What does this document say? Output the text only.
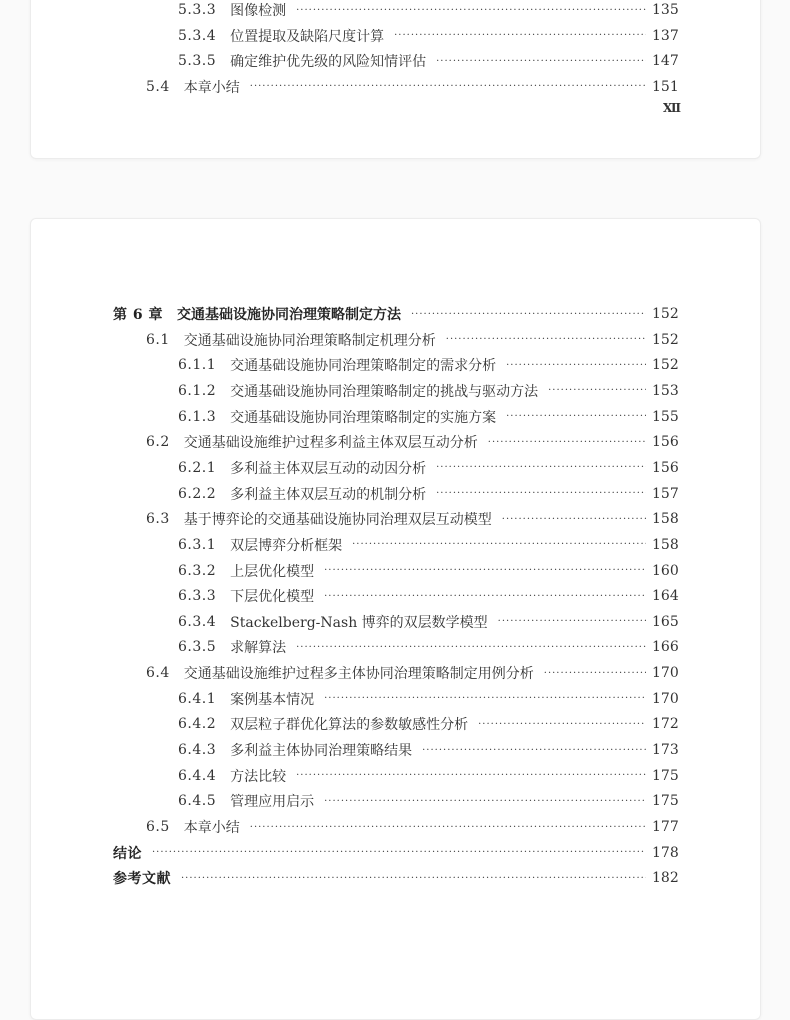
Ⅻ
5.3.3 图像检测 ·····	135
5.3.4 位置提取及缺陷尺度计算 ·····	137
5.3.5 确定维护优先级的风险知情评估 ·····	147
5.4 本章小结 ·····	151
第 6 章 交通基础设施协同治理策略制定方法 ·····	152
6.1 交通基础设施协同治理策略制定机理分析 ·····	152
6.1.1 交通基础设施协同治理策略制定的需求分析 ·····	152
6.1.2 交通基础设施协同治理策略制定的挑战与驱动方法 ·····	153
6.1.3 交通基础设施协同治理策略制定的实施方案 ·····	155
6.2 交通基础设施维护过程多利益主体双层互动分析 ·····	156
6.2.1 多利益主体双层互动的动因分析 ·····	156
6.2.2 多利益主体双层互动的机制分析 ·····	157
6.3 基于博弈论的交通基础设施协同治理双层互动模型 ·····	158
6.3.1 双层博弈分析框架 ·····	158
6.3.2 上层优化模型 ·····	160
6.3.3 下层优化模型 ·····	164
6.3.4 Stackelberg-Nash 博弈的双层数学模型 ·····	165
6.3.5 求解算法 ·····	166
6.4 交通基础设施维护过程多主体协同治理策略制定用例分析 ·····	170
6.4.1 案例基本情况 ·····	170
6.4.2 双层粒子群优化算法的参数敏感性分析 ·····	172
6.4.3 多利益主体协同治理策略结果 ·····	173
6.4.4 方法比较 ·····	175
6.4.5 管理应用启示 ·····	175
6.5 本章小结 ·····	177
结论 ·····	178
参考文献 ·····	182
